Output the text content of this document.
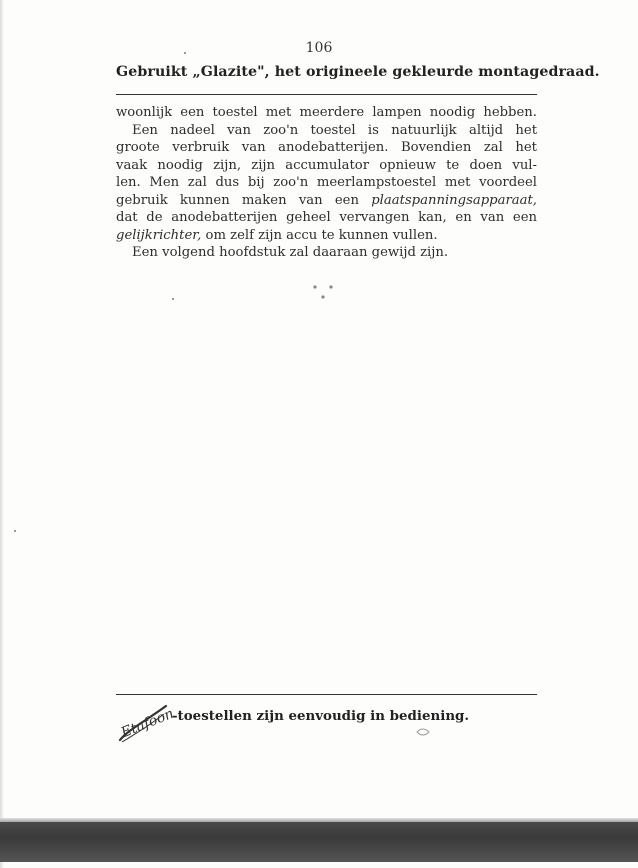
106
Gebruikt „Glazite", het origineele gekleurde montagedraad.
woonlijk een toestel met meerdere lampen noodig hebben.
Een nadeel van zoo'n toestel is natuurlijk altijd het
groote verbruik van anodebatterijen. Bovendien zal het
vaak noodig zijn, zijn accumulator opnieuw te doen vul-
len. Men zal dus bij zoo'n meerlampstoestel met voordeel
gebruik kunnen maken van een plaatspanningsapparaat,
dat de anodebatterijen geheel vervangen kan, en van een
gelijkrichter, om zelf zijn accu te kunnen vullen.
Een volgend hoofdstuk zal daaraan gewijd zijn.
Etafoon
-toestellen zijn eenvoudig in bediening.
